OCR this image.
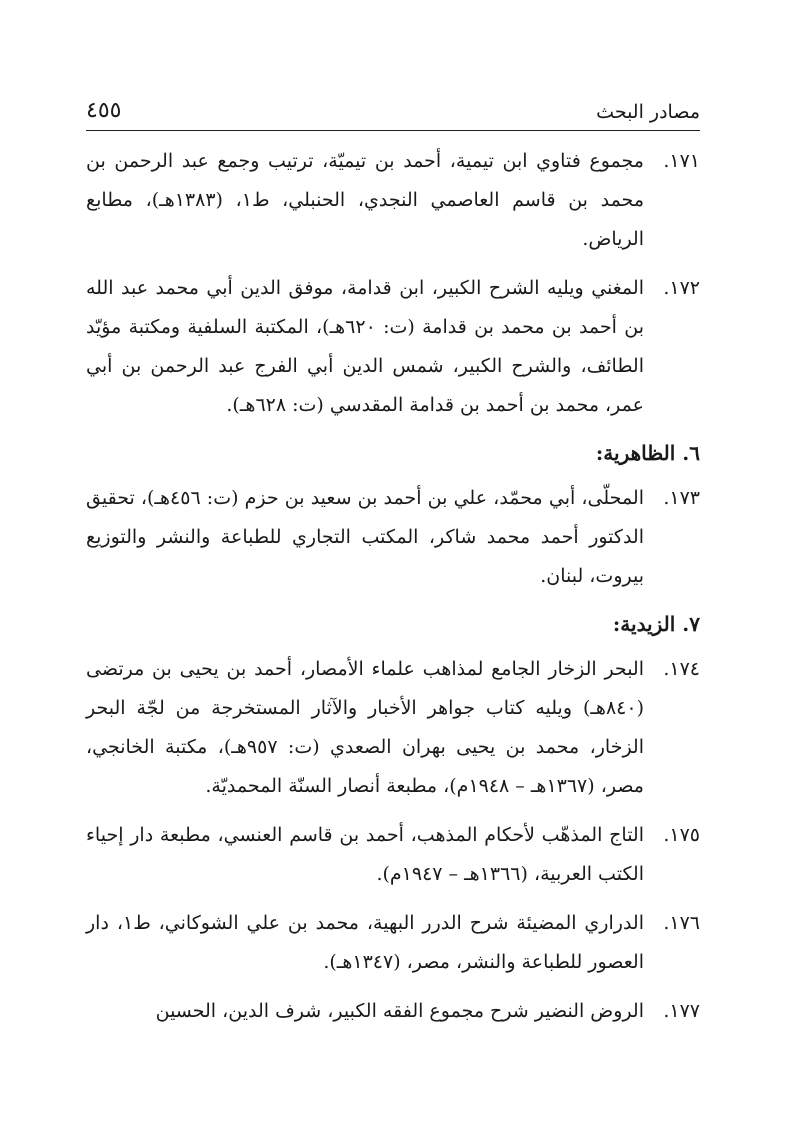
مصادر البحث
٤٥٥
١٧١.
مجموع فتاوي ابن تيمية، أحمد بن تيميّة، ترتيب وجمع عبد الرحمن بن محمد بن قاسم العاصمي النجدي، الحنبلي، ط١، (١٣٨٣هـ)، مطابع الرياض.
١٧٢.
المغني ويليه الشرح الكبير، ابن قدامة، موفق الدين أبي محمد عبد الله بن أحمد بن محمد بن قدامة (ت: ٦٢٠هـ)، المكتبة السلفية ومكتبة مؤيّد الطائف، والشرح الكبير، شمس الدين أبي الفرج عبد الرحمن بن أبي عمر، محمد بن أحمد بن قدامة المقدسي (ت: ٦٢٨هـ).
٦. الظاهرية:
١٧٣.
المحلّى، أبي محمّد، علي بن أحمد بن سعيد بن حزم (ت: ٤٥٦هـ)، تحقيق الدكتور أحمد محمد شاكر، المكتب التجاري للطباعة والنشر والتوزيع بيروت، لبنان.
٧. الزيدية:
١٧٤.
البحر الزخار الجامع لمذاهب علماء الأمصار، أحمد بن يحيى بن مرتضى (٨٤٠هـ) ويليه كتاب جواهر الأخبار والآثار المستخرجة من لجّة البحر الزخار، محمد بن يحيى بهران الصعدي (ت: ٩٥٧هـ)، مكتبة الخانجي، مصر، (١٣٦٧هـ – ١٩٤٨م)، مطبعة أنصار السنّة المحمديّة.
١٧٥.
التاج المذهّب لأحكام المذهب، أحمد بن قاسم العنسي، مطبعة دار إحياء الكتب العربية، (١٣٦٦هـ – ١٩٤٧م).
١٧٦.
الدراري المضيئة شرح الدرر البهية، محمد بن علي الشوكاني، ط١، دار العصور للطباعة والنشر، مصر، (١٣٤٧هـ).
١٧٧.
الروض النضير شرح مجموع الفقه الكبير، شرف الدين، الحسين
